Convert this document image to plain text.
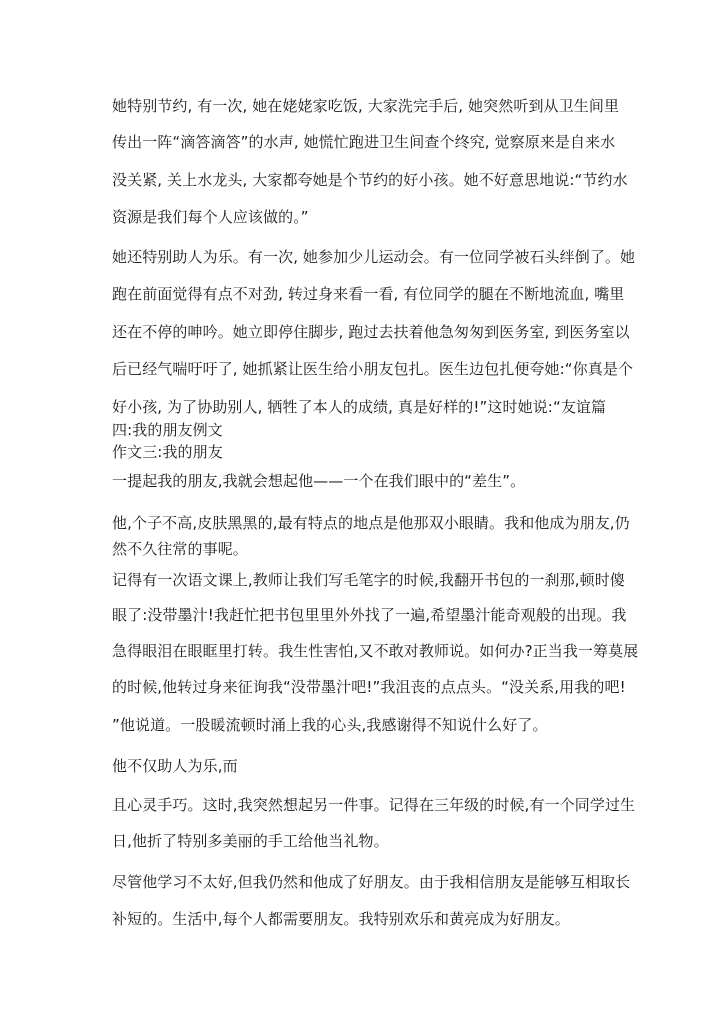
她特别节约, 有一次, 她在姥姥家吃饭, 大家洗完手后, 她突然听到从卫生间里
传出一阵“滴答滴答”的水声, 她慌忙跑进卫生间查个终究, 觉察原来是自来水
没关紧, 关上水龙头, 大家都夸她是个节约的好小孩。她不好意思地说:“节约水
资源是我们每个人应该做的。”
她还特别助人为乐。有一次, 她参加少儿运动会。有一位同学被石头绊倒了。她
跑在前面觉得有点不对劲, 转过身来看一看, 有位同学的腿在不断地流血, 嘴里
还在不停的呻吟。她立即停住脚步, 跑过去扶着他急匆匆到医务室, 到医务室以
后已经气喘吁吁了, 她抓紧让医生给小朋友包扎。医生边包扎便夸她:“你真是个
好小孩, 为了协助别人, 牺牲了本人的成绩, 真是好样的!”这时她说:“友谊篇
四:我的朋友例文
作文三:我的朋友
一提起我的朋友,我就会想起他——一个在我们眼中的“差生”。
他,个子不高,皮肤黑黑的,最有特点的地点是他那双小眼睛。我和他成为朋友,仍
然不久往常的事呢。
记得有一次语文课上,教师让我们写毛笔字的时候,我翻开书包的一刹那,顿时傻
眼了:没带墨汁!我赶忙把书包里里外外找了一遍,希望墨汁能奇观般的出现。我
急得眼泪在眼眶里打转。我生性害怕,又不敢对教师说。如何办?正当我一筹莫展
的时候,他转过身来征询我“没带墨汁吧!”我沮丧的点点头。“没关系,用我的吧!
”他说道。一股暖流顿时涌上我的心头,我感谢得不知说什么好了。
他不仅助人为乐,而
且心灵手巧。这时,我突然想起另一件事。记得在三年级的时候,有一个同学过生
日,他折了特别多美丽的手工给他当礼物。
尽管他学习不太好,但我仍然和他成了好朋友。由于我相信朋友是能够互相取长
补短的。生活中,每个人都需要朋友。我特别欢乐和黄亮成为好朋友。
